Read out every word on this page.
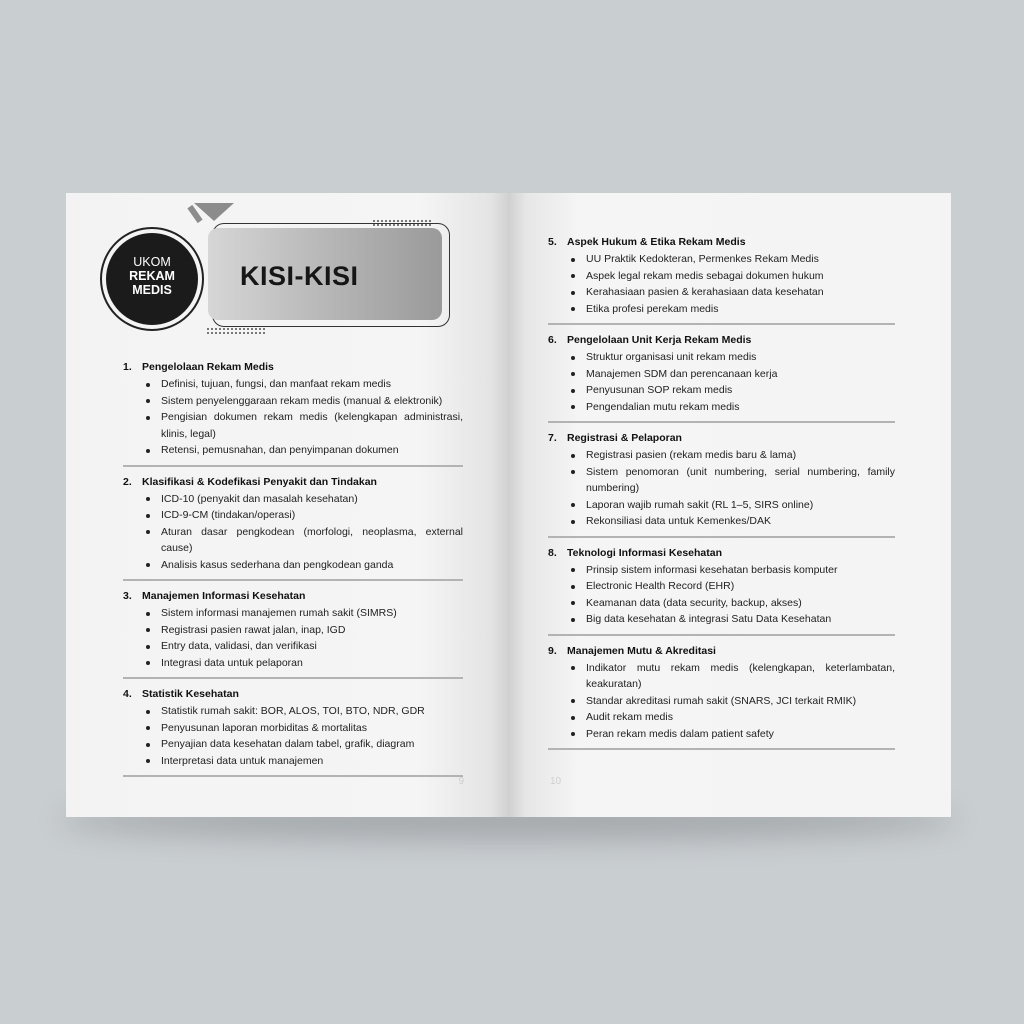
KISI-KISI
UKOM
REKAM
MEDIS
1. Pengelolaan Rekam Medis
Definisi, tujuan, fungsi, dan manfaat rekam medis
Sistem penyelenggaraan rekam medis (manual & elektronik)
Pengisian dokumen rekam medis (kelengkapan administrasi, klinis, legal)
Retensi, pemusnahan, dan penyimpanan dokumen
2. Klasifikasi & Kodefikasi Penyakit dan Tindakan
ICD-10 (penyakit dan masalah kesehatan)
ICD-9-CM (tindakan/operasi)
Aturan dasar pengkodean (morfologi, neoplasma, external cause)
Analisis kasus sederhana dan pengkodean ganda
3. Manajemen Informasi Kesehatan
Sistem informasi manajemen rumah sakit (SIMRS)
Registrasi pasien rawat jalan, inap, IGD
Entry data, validasi, dan verifikasi
Integrasi data untuk pelaporan
4. Statistik Kesehatan
Statistik rumah sakit: BOR, ALOS, TOI, BTO, NDR, GDR
Penyusunan laporan morbiditas & mortalitas
Penyajian data kesehatan dalam tabel, grafik, diagram
Interpretasi data untuk manajemen
9
5. Aspek Hukum & Etika Rekam Medis
UU Praktik Kedokteran, Permenkes Rekam Medis
Aspek legal rekam medis sebagai dokumen hukum
Kerahasiaan pasien & kerahasiaan data kesehatan
Etika profesi perekam medis
6. Pengelolaan Unit Kerja Rekam Medis
Struktur organisasi unit rekam medis
Manajemen SDM dan perencanaan kerja
Penyusunan SOP rekam medis
Pengendalian mutu rekam medis
7. Registrasi & Pelaporan
Registrasi pasien (rekam medis baru & lama)
Sistem penomoran (unit numbering, serial numbering, family numbering)
Laporan wajib rumah sakit (RL 1–5, SIRS online)
Rekonsiliasi data untuk Kemenkes/DAK
8. Teknologi Informasi Kesehatan
Prinsip sistem informasi kesehatan berbasis komputer
Electronic Health Record (EHR)
Keamanan data (data security, backup, akses)
Big data kesehatan & integrasi Satu Data Kesehatan
9. Manajemen Mutu & Akreditasi
Indikator mutu rekam medis (kelengkapan, keterlambatan, keakuratan)
Standar akreditasi rumah sakit (SNARS, JCI terkait RMIK)
Audit rekam medis
Peran rekam medis dalam patient safety
10
